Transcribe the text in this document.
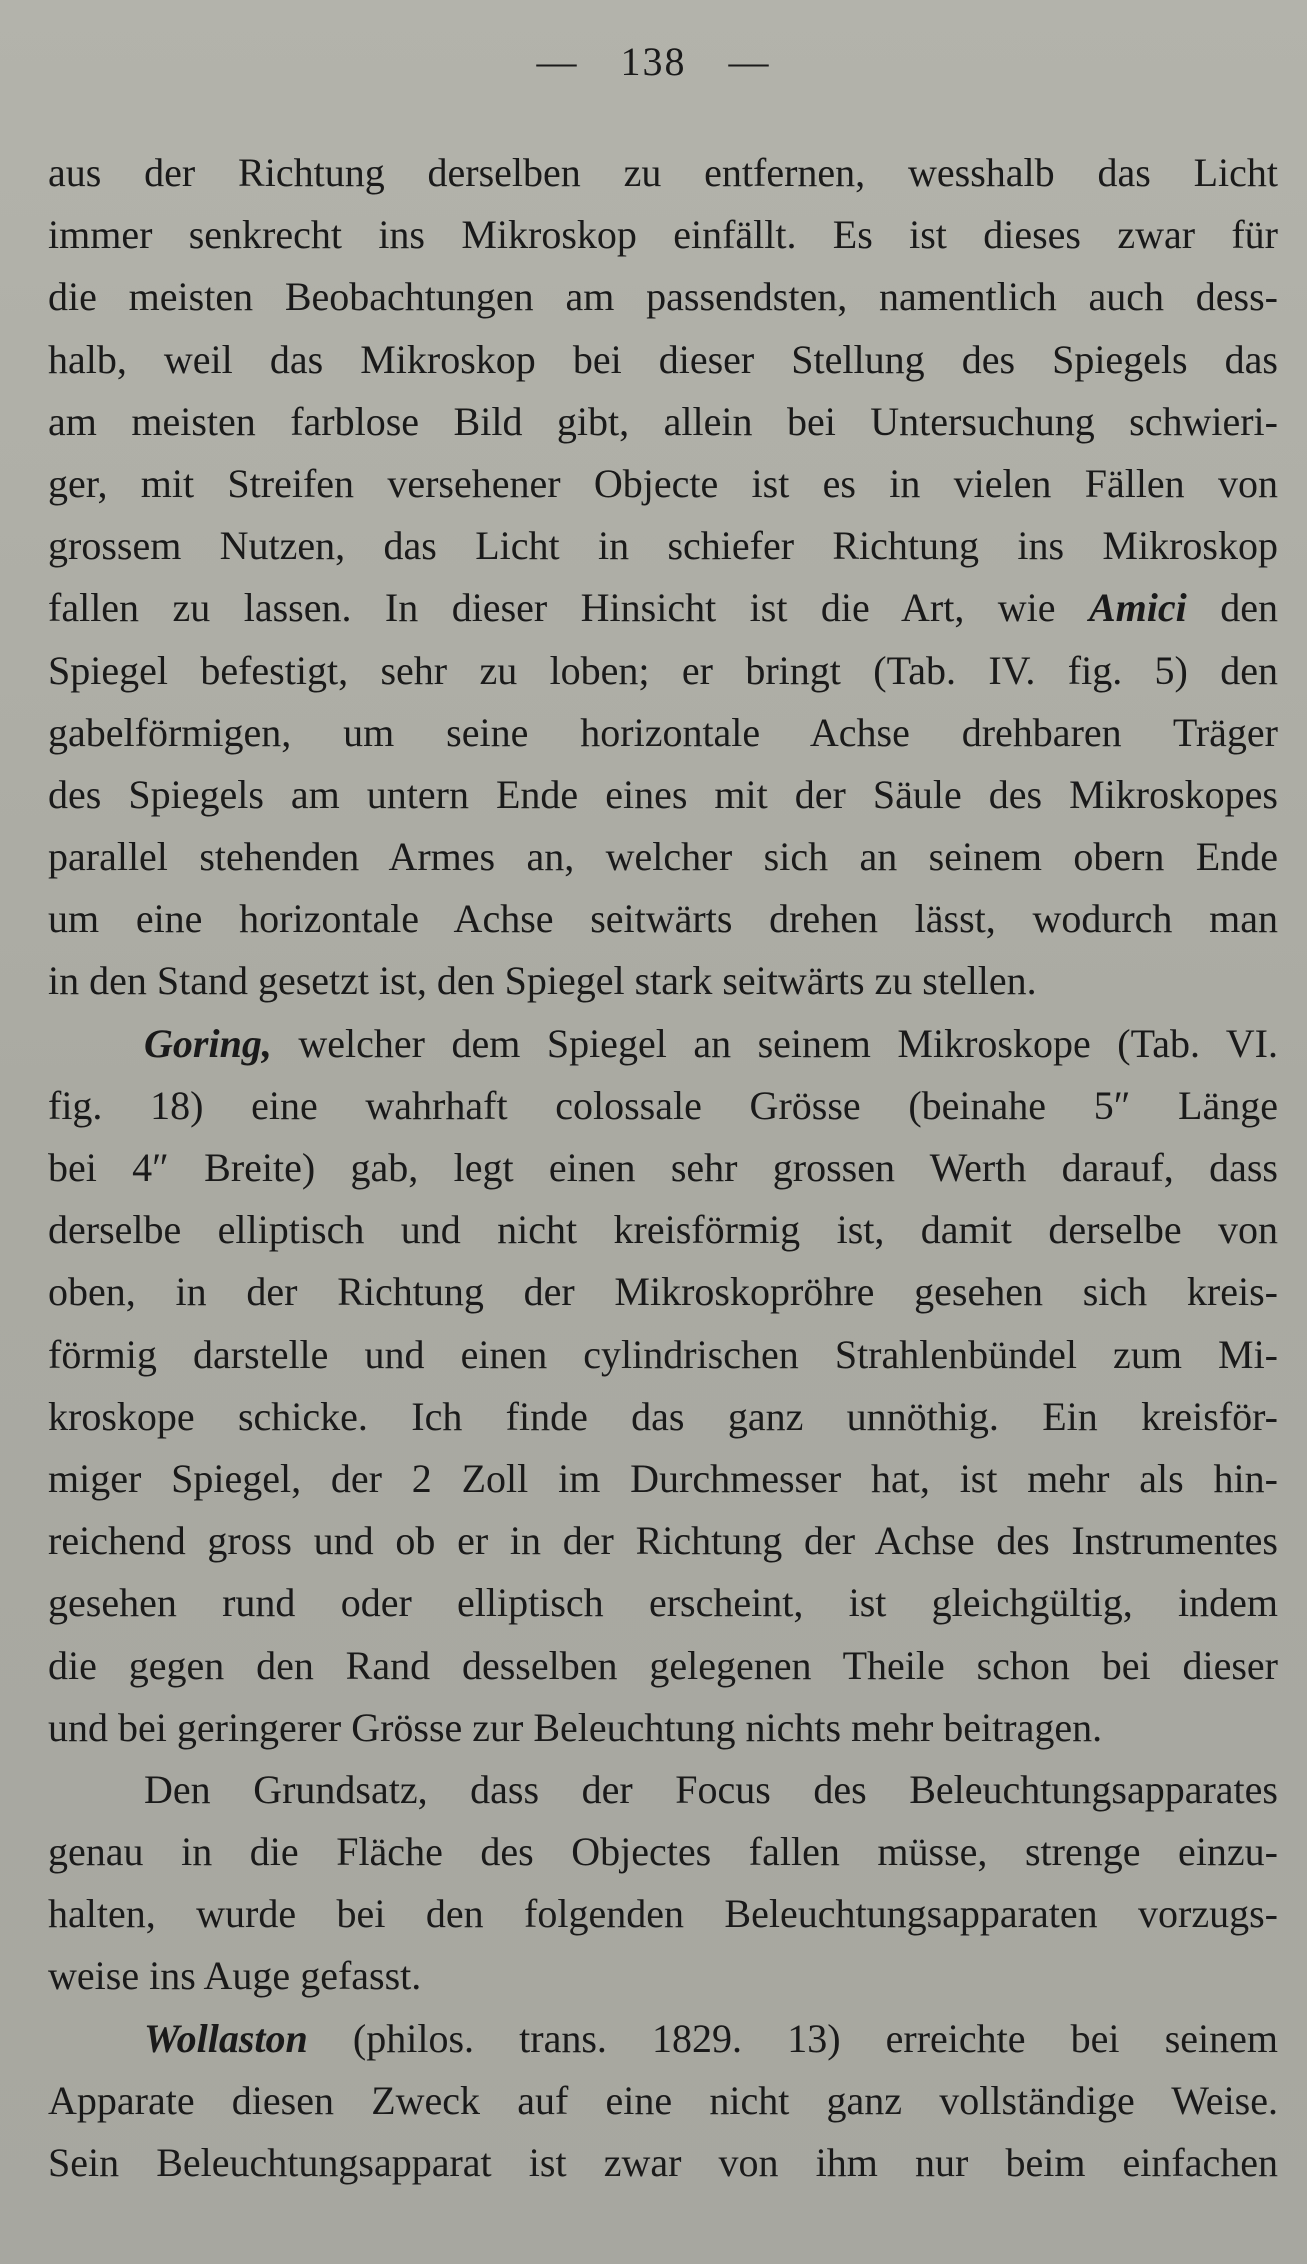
— 138 —
aus der Richtung derselben zu entfernen, wesshalb das Licht
immer senkrecht ins Mikroskop einfällt. Es ist dieses zwar für
die meisten Beobachtungen am passendsten, namentlich auch dess-
halb, weil das Mikroskop bei dieser Stellung des Spiegels das
am meisten farblose Bild gibt, allein bei Untersuchung schwieri-
ger, mit Streifen versehener Objecte ist es in vielen Fällen von
grossem Nutzen, das Licht in schiefer Richtung ins Mikroskop
fallen zu lassen. In dieser Hinsicht ist die Art, wie Amici den
Spiegel befestigt, sehr zu loben; er bringt (Tab. IV. fig. 5) den
gabelförmigen, um seine horizontale Achse drehbaren Träger
des Spiegels am untern Ende eines mit der Säule des Mikroskopes
parallel stehenden Armes an, welcher sich an seinem obern Ende
um eine horizontale Achse seitwärts drehen lässt, wodurch man
in den Stand gesetzt ist, den Spiegel stark seitwärts zu stellen.
Goring, welcher dem Spiegel an seinem Mikroskope (Tab. VI.
fig. 18) eine wahrhaft colossale Grösse (beinahe 5″ Länge
bei 4″ Breite) gab, legt einen sehr grossen Werth darauf, dass
derselbe elliptisch und nicht kreisförmig ist, damit derselbe von
oben, in der Richtung der Mikroskopröhre gesehen sich kreis-
förmig darstelle und einen cylindrischen Strahlenbündel zum Mi-
kroskope schicke. Ich finde das ganz unnöthig. Ein kreisför-
miger Spiegel, der 2 Zoll im Durchmesser hat, ist mehr als hin-
reichend gross und ob er in der Richtung der Achse des Instrumentes
gesehen rund oder elliptisch erscheint, ist gleichgültig, indem
die gegen den Rand desselben gelegenen Theile schon bei dieser
und bei geringerer Grösse zur Beleuchtung nichts mehr beitragen.
Den Grundsatz, dass der Focus des Beleuchtungsapparates
genau in die Fläche des Objectes fallen müsse, strenge einzu-
halten, wurde bei den folgenden Beleuchtungsapparaten vorzugs-
weise ins Auge gefasst.
Wollaston (philos. trans. 1829. 13) erreichte bei seinem
Apparate diesen Zweck auf eine nicht ganz vollständige Weise.
Sein Beleuchtungsapparat ist zwar von ihm nur beim einfachen
